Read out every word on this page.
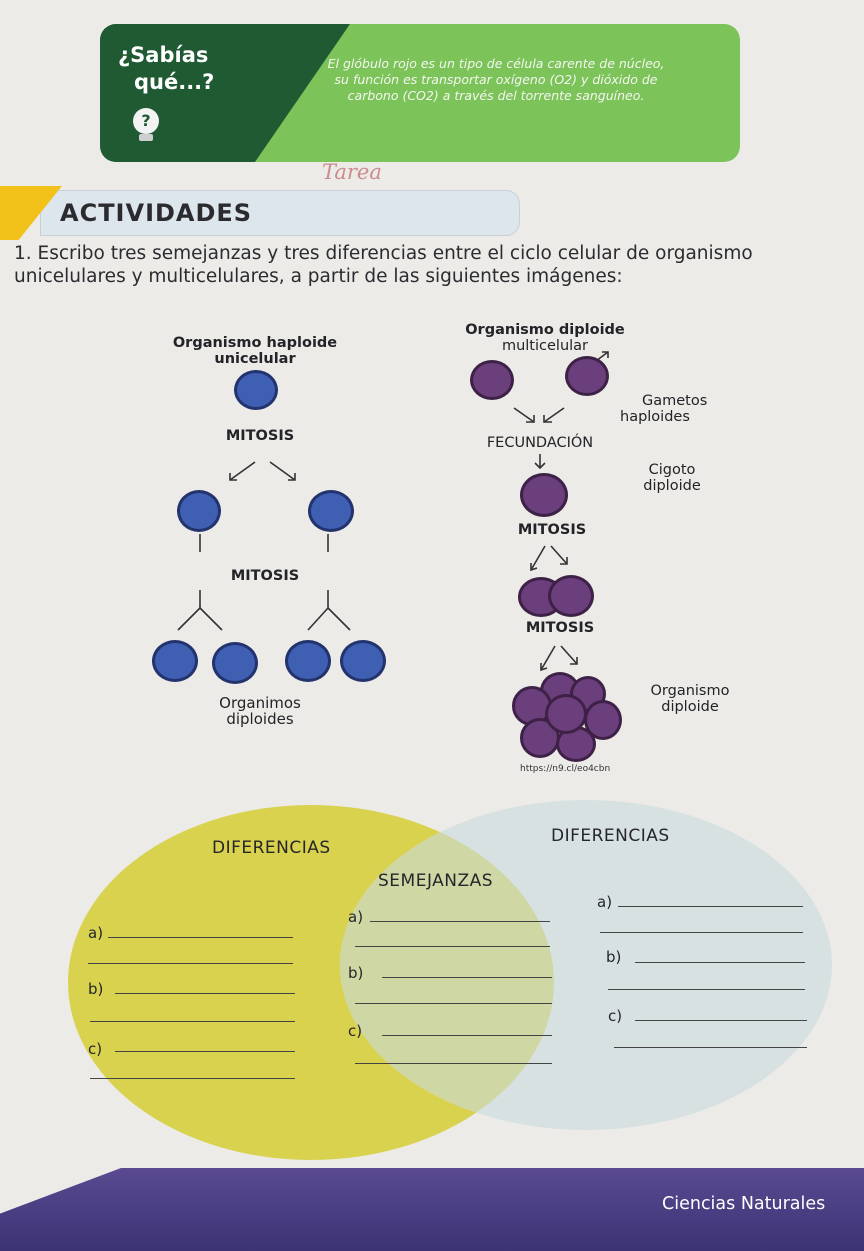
¿Sabías
qué...?
?
El glóbulo rojo es un tipo de célula carente de núcleo,
su función es transportar oxígeno (O2) y dióxido de
carbono (CO2) a través del torrente sanguíneo.
Tarea
ACTIVIDADES
1. Escribo tres semejanzas y tres diferencias entre el ciclo celular de organismo
unicelulares y multicelulares, a partir de las siguientes imágenes:
Organismo haploide
unicelular
MITOSIS
MITOSIS
Organimos
diploides
Organismo diploide
multicelular
Gametos
haploides
FECUNDACIÓN
Cigoto
diploide
MITOSIS
MITOSIS
Organismo
diploide
https://n9.cl/eo4cbn
DIFERENCIAS
DIFERENCIAS
SEMEJANZAS
a)
b)
c)
a)
b)
c)
a)
b)
c)
Ciencias Naturales
